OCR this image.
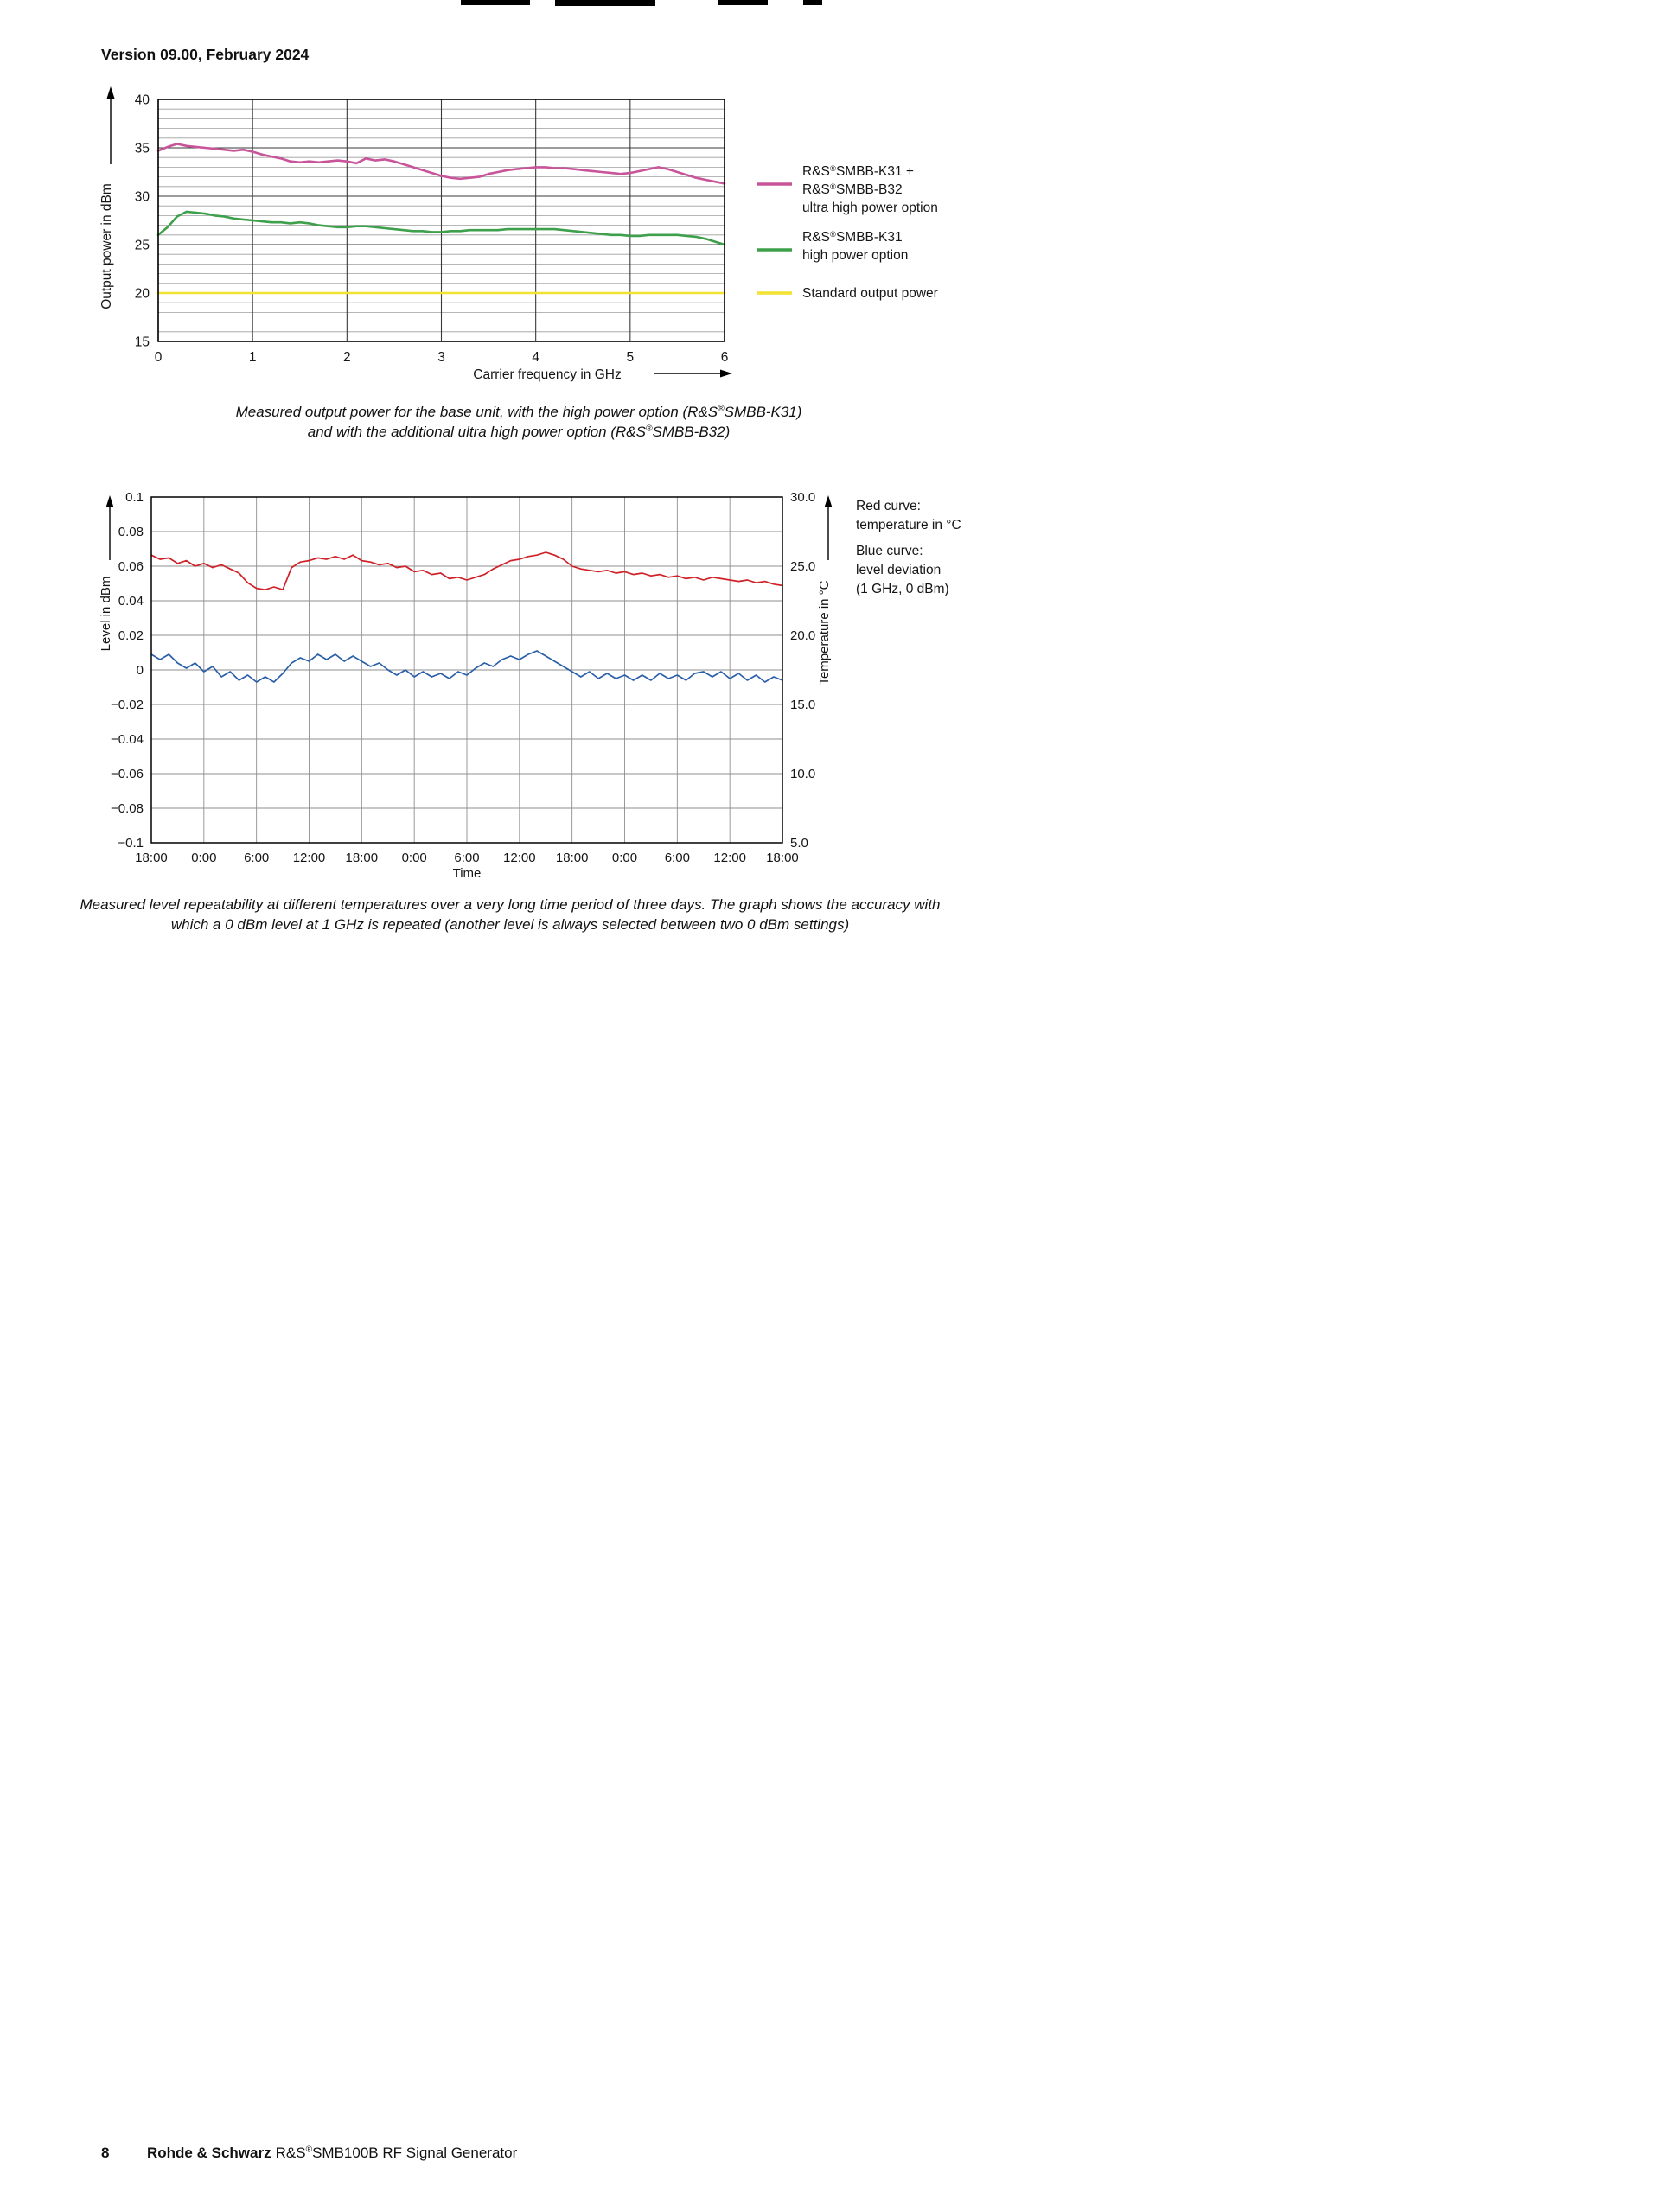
Version 09.00, February 2024
40
35
30
25
20
15
0	1	2	3	4	5	6
Output power in dBm
Carrier frequency in GHz
R&S®SMBB-K31 +
R&S®SMBB-B32
ultra high power option
R&S®SMBB-K31
high power option
Standard output power
Measured output power for the base unit, with the high power option (R&S®SMBB-K31)
and with the additional ultra high power option (R&S®SMBB-B32)
0.1
0.08
0.06
0.04
0.02
0
−0.02
−0.04
−0.06
−0.08
−0.1
30.0
25.0
20.0
15.0
10.0
5.0
18:00 0:00 6:00 12:00 18:00 0:00 6:00 12:00 18:00 0:00 6:00 12:00 18:00
Time
Level in dBm	Temperature in °C
Red curve:
temperature in °C
Blue curve:
level deviation
(1 GHz, 0 dBm)
Measured level repeatability at different temperatures over a very long time period of three days. The graph shows the accuracy with
which a 0 dBm level at 1 GHz is repeated (another level is always selected between two 0 dBm settings)
8	Rohde & Schwarz R&S®SMB100B RF Signal Generator
